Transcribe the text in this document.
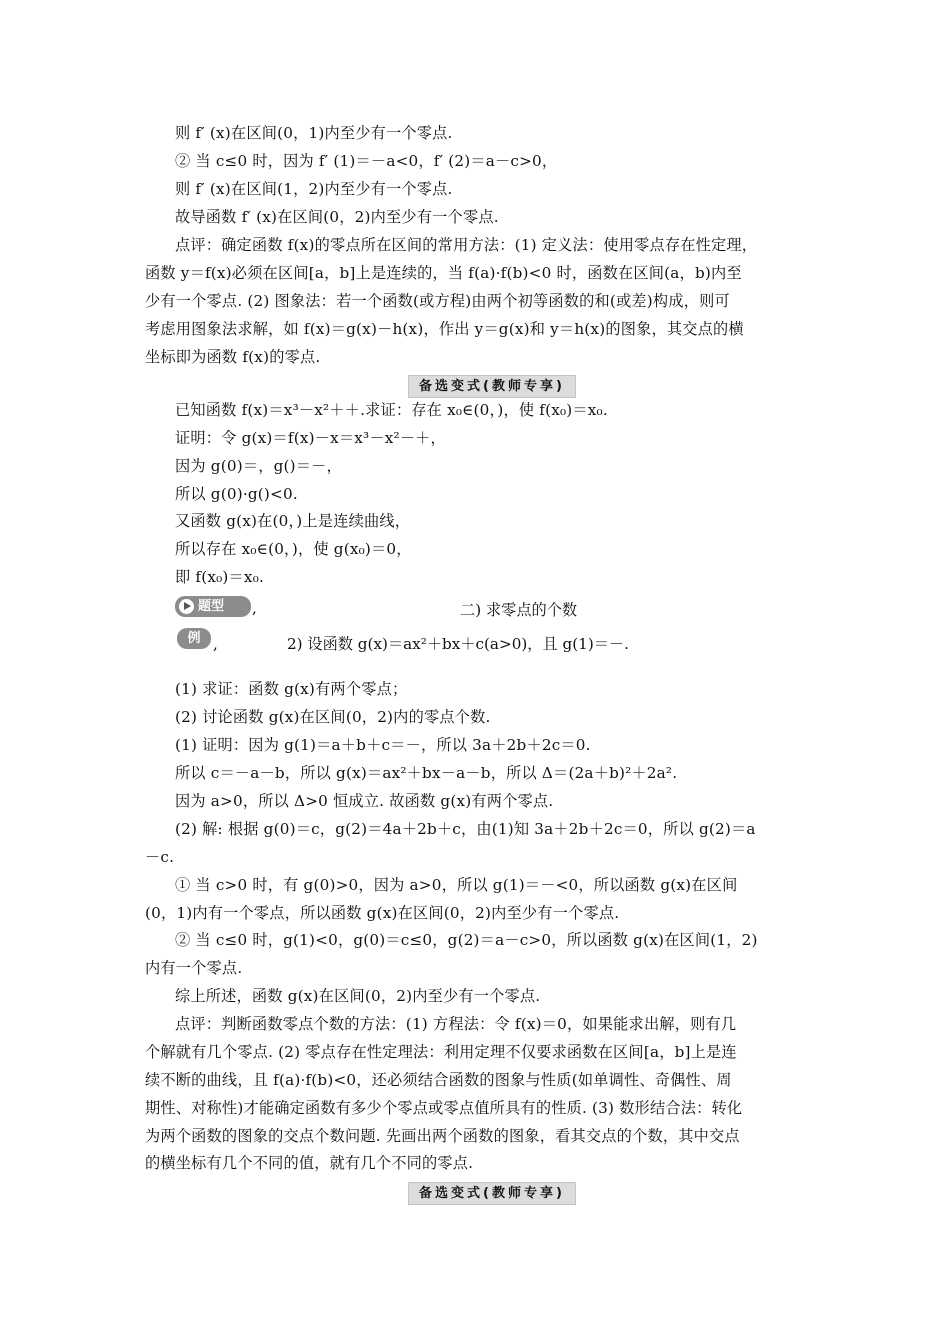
则 f′ (x)在区间(0，1)内至少有一个零点.
② 当 c≤0 时，因为 f′ (1)＝－a<0，f′ (2)＝a－c>0，
则 f′ (x)在区间(1，2)内至少有一个零点.
故导函数 f′ (x)在区间(0，2)内至少有一个零点.
点评：确定函数 f(x)的零点所在区间的常用方法：(1) 定义法：使用零点存在性定理，
函数 y＝f(x)必须在区间[a，b]上是连续的，当 f(a)·f(b)<0 时，函数在区间(a，b)内至
少有一个零点. (2) 图象法：若一个函数(或方程)由两个初等函数的和(或差)构成，则可
考虑用图象法求解，如 f(x)＝g(x)－h(x)，作出 y＝g(x)和 y＝h(x)的图象，其交点的横
坐标即为函数 f(x)的零点.
备选变式(教师专享)
已知函数 f(x)＝x³－x²＋＋.求证：存在 x₀∈(0，)，使 f(x₀)＝x₀.
证明：令 g(x)＝f(x)－x＝x³－x²－＋，
因为 g(0)＝，g()＝－，
所以 g(0)·g()<0.
又函数 g(x)在(0，)上是连续曲线，
所以存在 x₀∈(0，)，使 g(x₀)＝0，
即 f(x₀)＝x₀.
题型 ,	二) 求零点的个数
例 ,	2) 设函数 g(x)＝ax²＋bx＋c(a>0)，且 g(1)＝－.
(1) 求证：函数 g(x)有两个零点；
(2) 讨论函数 g(x)在区间(0，2)内的零点个数.
(1) 证明：因为 g(1)＝a＋b＋c＝－，所以 3a＋2b＋2c＝0.
所以 c＝－a－b，所以 g(x)＝ax²＋bx－a－b，所以 Δ＝(2a＋b)²＋2a².
因为 a>0，所以 Δ>0 恒成立. 故函数 g(x)有两个零点.
(2) 解: 根据 g(0)＝c，g(2)＝4a＋2b＋c，由(1)知 3a＋2b＋2c＝0，所以 g(2)＝a
－c.
① 当 c>0 时，有 g(0)>0，因为 a>0，所以 g(1)＝－<0，所以函数 g(x)在区间
(0，1)内有一个零点，所以函数 g(x)在区间(0，2)内至少有一个零点.
② 当 c≤0 时，g(1)<0，g(0)＝c≤0，g(2)＝a－c>0，所以函数 g(x)在区间(1，2)
内有一个零点.
综上所述，函数 g(x)在区间(0，2)内至少有一个零点.
点评：判断函数零点个数的方法：(1) 方程法：令 f(x)＝0，如果能求出解，则有几
个解就有几个零点. (2) 零点存在性定理法：利用定理不仅要求函数在区间[a，b]上是连
续不断的曲线，且 f(a)·f(b)<0，还必须结合函数的图象与性质(如单调性、奇偶性、周
期性、对称性)才能确定函数有多少个零点或零点值所具有的性质. (3) 数形结合法：转化
为两个函数的图象的交点个数问题. 先画出两个函数的图象，看其交点的个数，其中交点
的横坐标有几个不同的值，就有几个不同的零点.
备选变式(教师专享)
